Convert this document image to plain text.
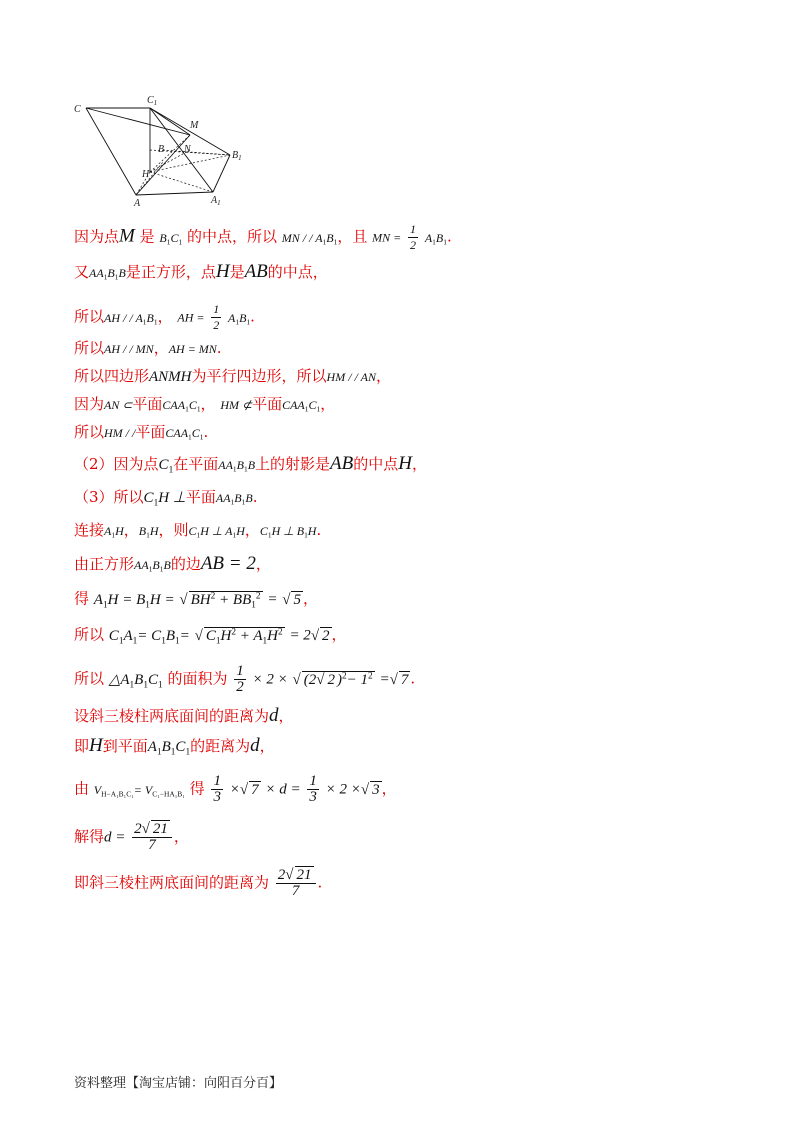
C
$C_1$
M
B N
$B_1$
H
A	$A_1$
因为点M 是 $B_1C_1$ 的中点，所以 MN / / $A_1B_1$，且 MN = $\frac{1}{2} A_1B_1$.
又$AA_1B_1B$是正方形，点H是AB的中点，
所以AH / / $A_1B_1$， AH = $\frac{1}{2} A_1B_1$.
所以AH / / MN，AH = MN.
所以四边形ANMH为平行四边形，所以HM / / AN，
因为AN ⊂平面$CAA_1C_1$， HM ⊄平面$CAA_1C_1$，
所以HM / /平面$CAA_1C_1$.
（2）因为点$C_1$在平面$AA_1B_1B$上的射影是AB的中点H，
（3）所以$C_1H$ ⊥平面$AA_1B_1B$.
连接$A_1H$，$B_1H$，则$C_1H$ ⊥ $A_1H$，$C_1H$ ⊥ $B_1H$.
由正方形$AA_1B_1B$的边AB = 2，
得 $A_1H = B_1H$ = √ $BH^2 + BB_1^2$ = √ 5 ，
所以 $C_1A_1= C_1B_1=$ √ $C_1H^2 + A_1H^2 = 2√$ 2 ，
所以 $\triangle A_1B_1C_1$ 的面积为 $\frac{1}{2} \times 2$ × √ (2√ 2 )$^2- 1^2$ =√ 7 .
设斜三棱柱两底面间的距离为d，
即H到平面$A_1B_1C_1$的距离为d，
由 $V_{H-A_1B_1C_1}= V_{C_1-HA_1B_1}$ 得 $\frac{1}{3}$ ×√ $7 \times d = \frac{1}{3} \times 2$ ×√ 3 ，
解得$d = \frac{2√ 21}{7}$ ，
即斜三棱柱两底面间的距离为 $\frac{2√ 21}{7}$ .
资料整理【淘宝店铺：向阳百分百】
